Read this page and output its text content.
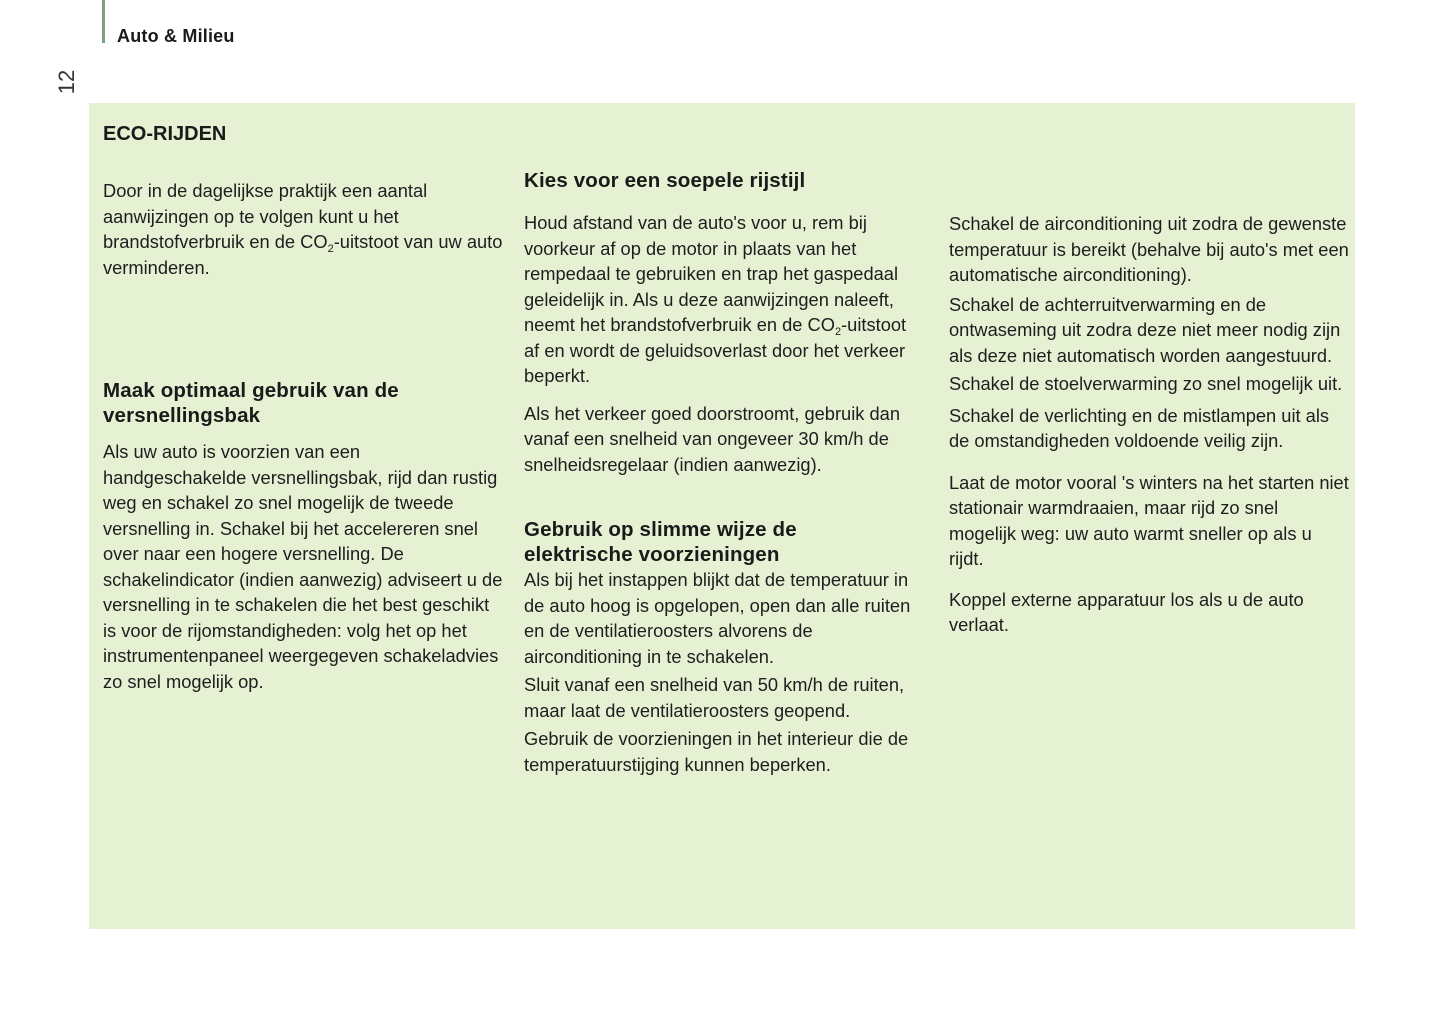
Auto & Milieu
12

ECO-RIJDEN

Door in de dagelijkse praktijk een aantal aanwijzingen op te volgen kunt u het brandstofverbruik en de $CO_2$-uitstoot van uw auto verminderen.

Maak optimaal gebruik van de versnellingsbak

Als uw auto is voorzien van een handgeschakelde versnellingsbak, rijd dan rustig weg en schakel zo snel mogelijk de tweede versnelling in. Schakel bij het accelereren snel over naar een hogere versnelling. De schakelindicator (indien aanwezig) adviseert u de versnelling in te schakelen die het best geschikt is voor de rijomstandigheden: volg het op het instrumentenpaneel weergegeven schakeladvies zo snel mogelijk op.

Kies voor een soepele rijstijl

Houd afstand van de auto's voor u, rem bij voorkeur af op de motor in plaats van het rempedaal te gebruiken en trap het gaspedaal geleidelijk in. Als u deze aanwijzingen naleeft, neemt het brandstofverbruik en de $CO_2$-uitstoot af en wordt de geluidsoverlast door het verkeer beperkt.

Als het verkeer goed doorstroomt, gebruik dan vanaf een snelheid van ongeveer 30 km/h de snelheidsregelaar (indien aanwezig).

Gebruik op slimme wijze de elektrische voorzieningen

Als bij het instappen blijkt dat de temperatuur in de auto hoog is opgelopen, open dan alle ruiten en de ventilatieroosters alvorens de airconditioning in te schakelen.

Sluit vanaf een snelheid van 50 km/h de ruiten, maar laat de ventilatieroosters geopend.

Gebruik de voorzieningen in het interieur die de temperatuurstijging kunnen beperken.

Schakel de airconditioning uit zodra de gewenste temperatuur is bereikt (behalve bij auto's met een automatische airconditioning).

Schakel de achterruitverwarming en de ontwaseming uit zodra deze niet meer nodig zijn als deze niet automatisch worden aangestuurd.

Schakel de stoelverwarming zo snel mogelijk uit.

Schakel de verlichting en de mistlampen uit als de omstandigheden voldoende veilig zijn.

Laat de motor vooral 's winters na het starten niet stationair warmdraaien, maar rijd zo snel mogelijk weg: uw auto warmt sneller op als u rijdt.

Koppel externe apparatuur los als u de auto verlaat.
